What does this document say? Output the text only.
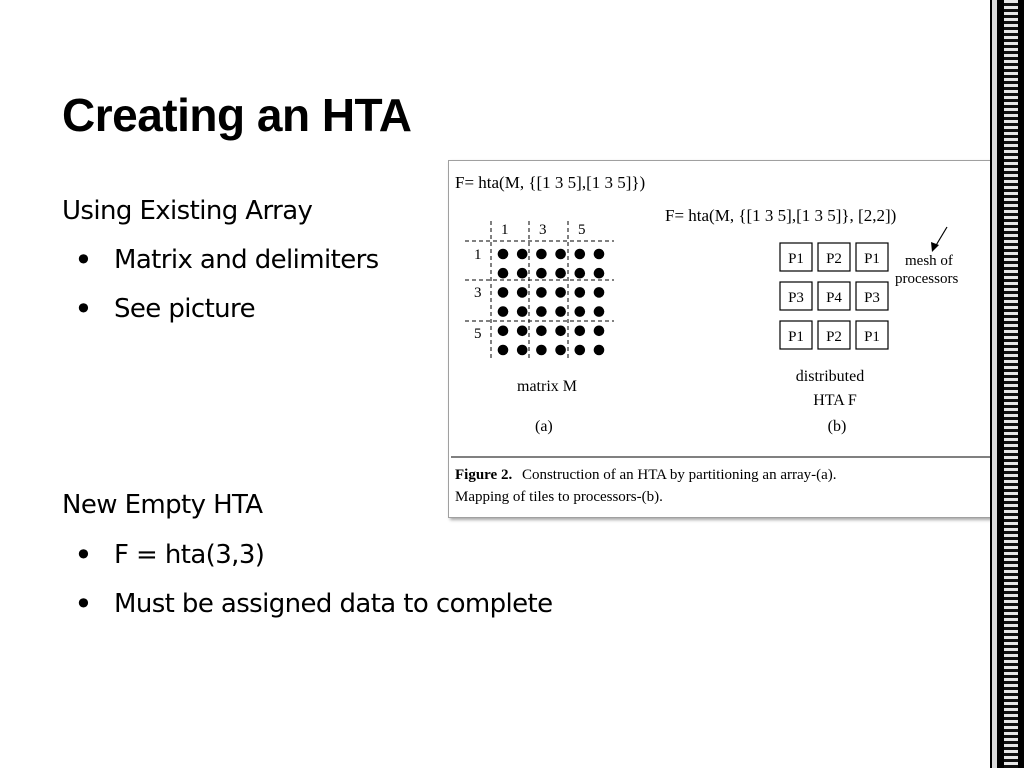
Creating an HTA
Using Existing Array
• Matrix and delimiters
• See picture
New Empty HTA
• F = hta(3,3)
• Must be assigned data to complete
F= hta(M, {[1 3 5],[1 3 5]})
F= hta(M, {[1 3 5],[1 3 5]}, [2,2])
1 3 5
1
3
5
matrix M
(a)
P1 P2 P1
P3 P4 P3
P1 P2 P1
mesh of
processors
distributed
HTA F
(b)
Figure 2. Construction of an HTA by partitioning an array-(a).
Mapping of tiles to processors-(b).
